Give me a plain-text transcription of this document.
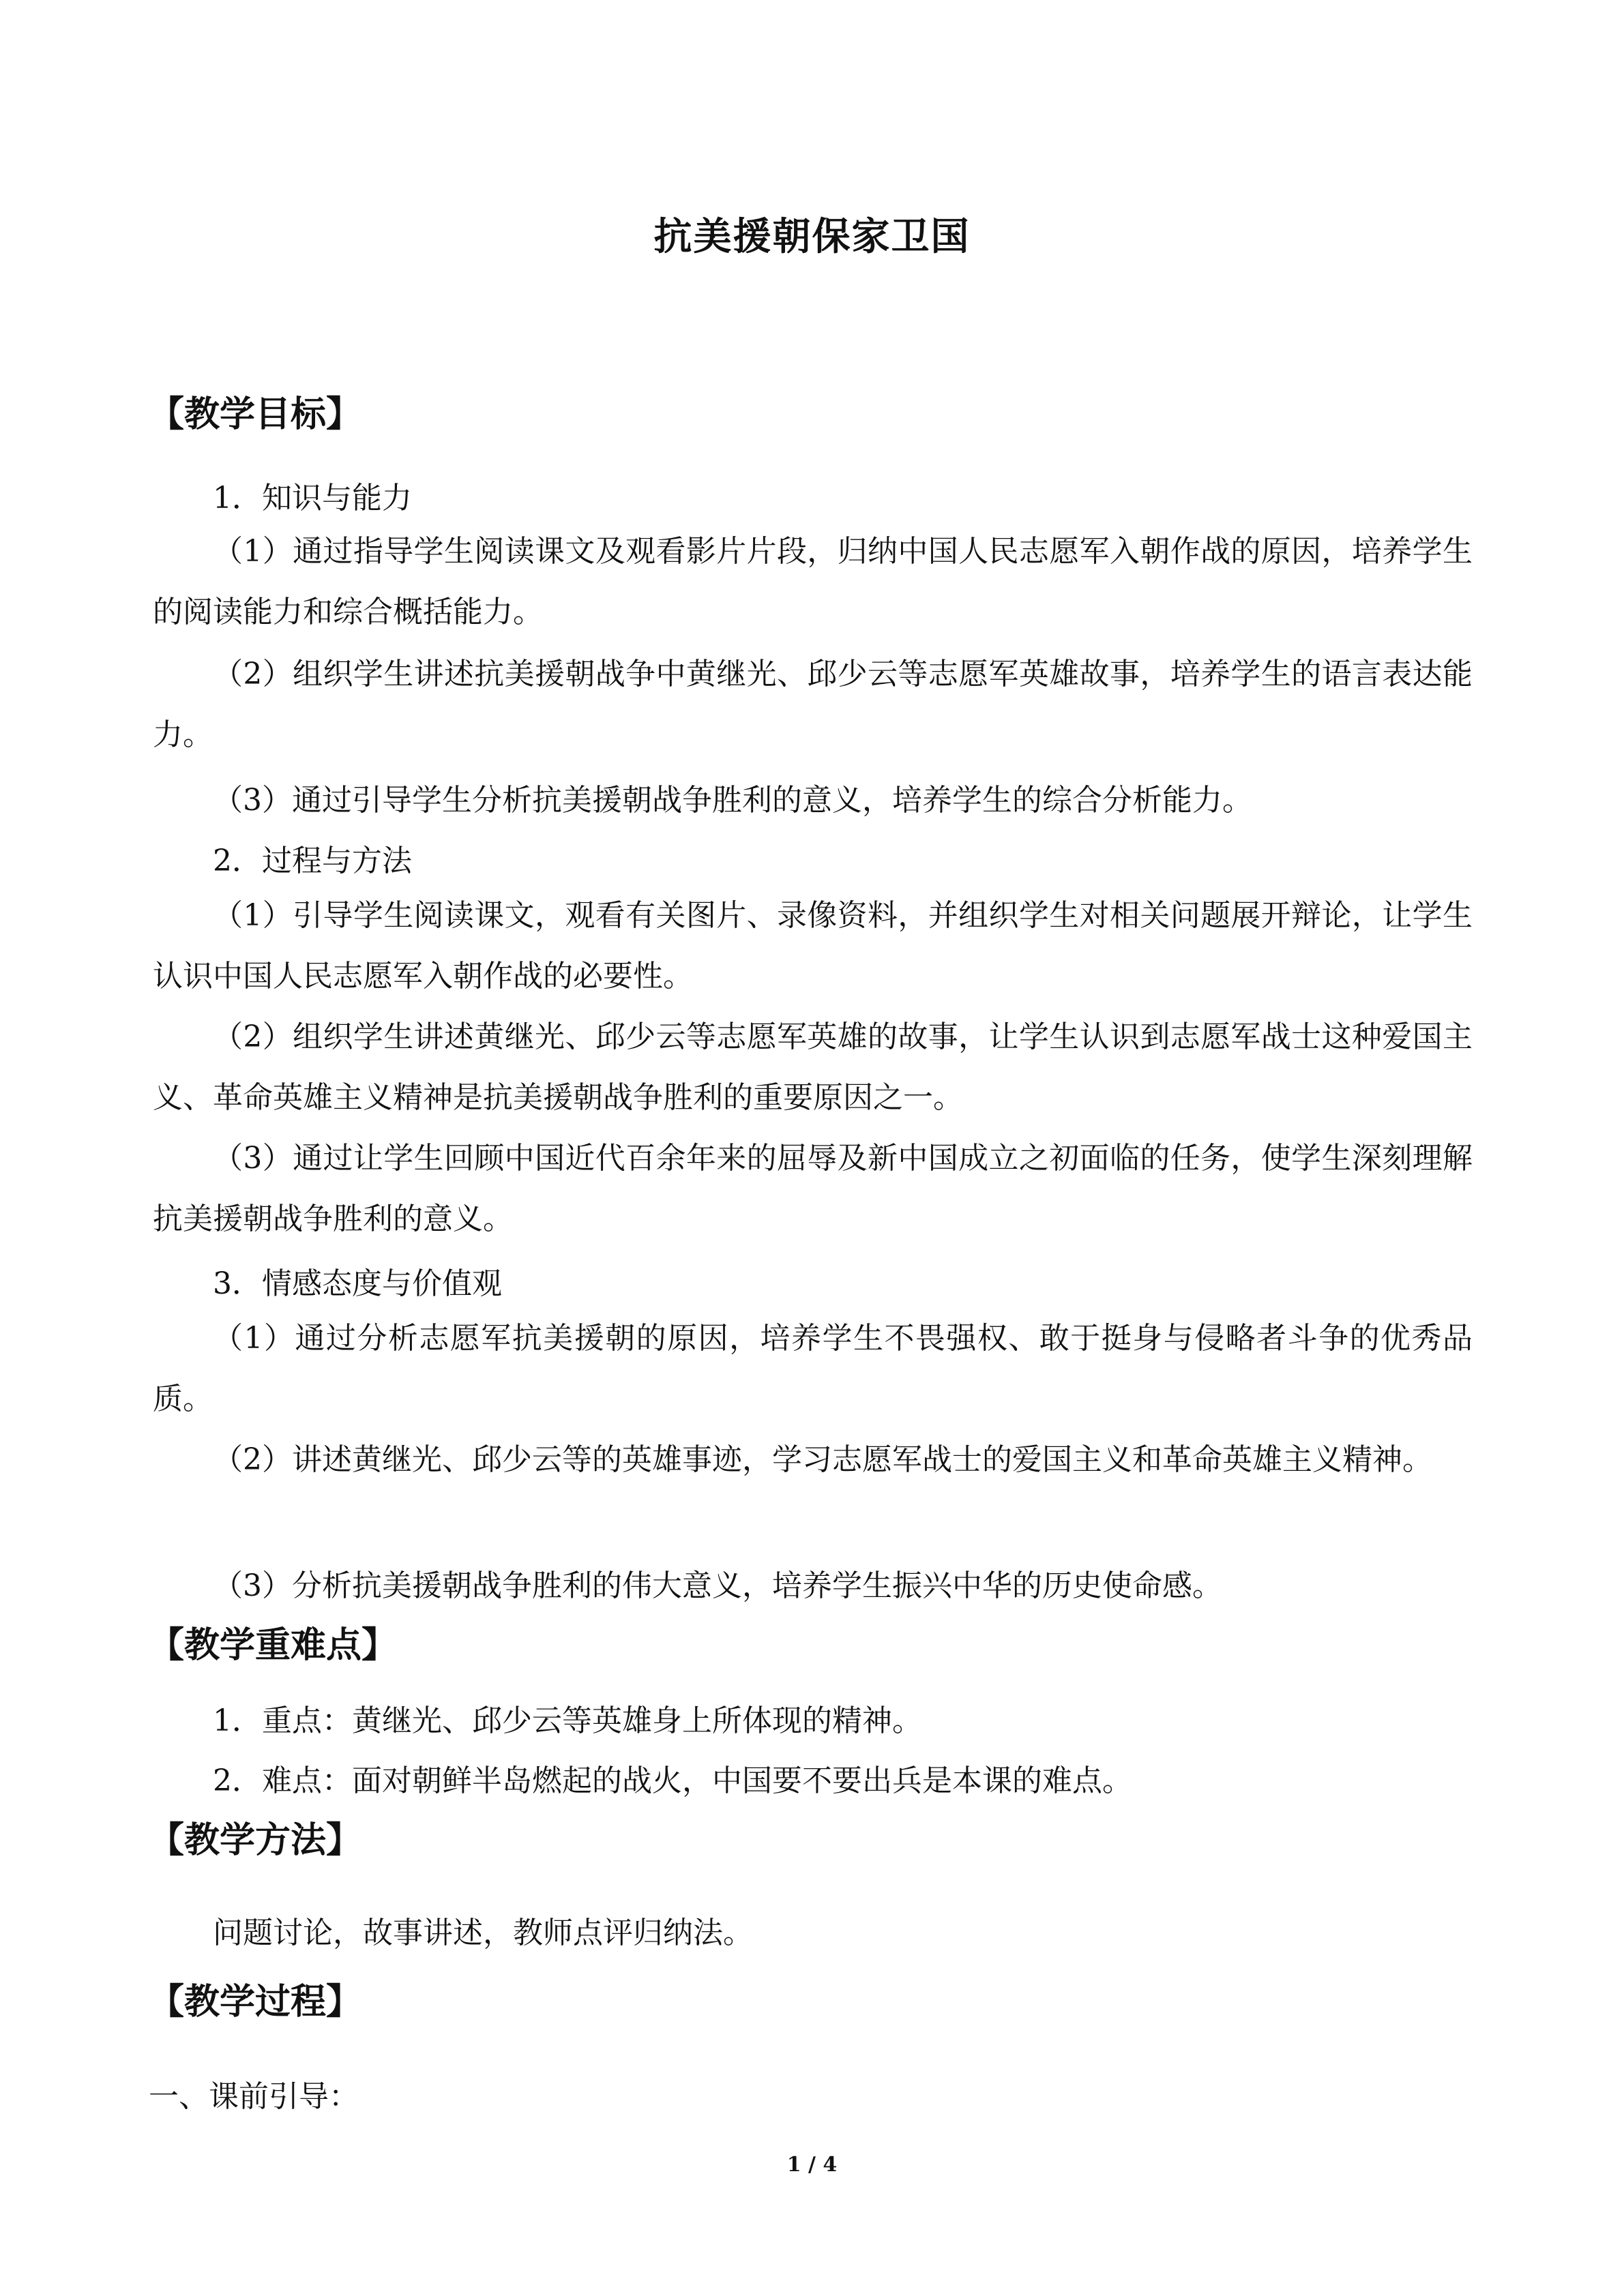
抗美援朝保家卫国
【教学目标】
1．知识与能力
（1）通过指导学生阅读课文及观看影片片段，归纳中国人民志愿军入朝作战的原因，培养学生的阅读能力和综合概括能力。
（2）组织学生讲述抗美援朝战争中黄继光、邱少云等志愿军英雄故事，培养学生的语言表达能力。
（3）通过引导学生分析抗美援朝战争胜利的意义，培养学生的综合分析能力。
2．过程与方法
（1）引导学生阅读课文，观看有关图片、录像资料，并组织学生对相关问题展开辩论，让学生认识中国人民志愿军入朝作战的必要性。
（2）组织学生讲述黄继光、邱少云等志愿军英雄的故事，让学生认识到志愿军战士这种爱国主义、革命英雄主义精神是抗美援朝战争胜利的重要原因之一。
（3）通过让学生回顾中国近代百余年来的屈辱及新中国成立之初面临的任务，使学生深刻理解抗美援朝战争胜利的意义。
3．情感态度与价值观
（1）通过分析志愿军抗美援朝的原因，培养学生不畏强权、敢于挺身与侵略者斗争的优秀品质。
（2）讲述黄继光、邱少云等的英雄事迹，学习志愿军战士的爱国主义和革命英雄主义精神。
（3）分析抗美援朝战争胜利的伟大意义，培养学生振兴中华的历史使命感。
【教学重难点】
1．重点：黄继光、邱少云等英雄身上所体现的精神。
2．难点：面对朝鲜半岛燃起的战火，中国要不要出兵是本课的难点。
【教学方法】
问题讨论，故事讲述，教师点评归纳法。
【教学过程】
一、课前引导：
1 / 4
